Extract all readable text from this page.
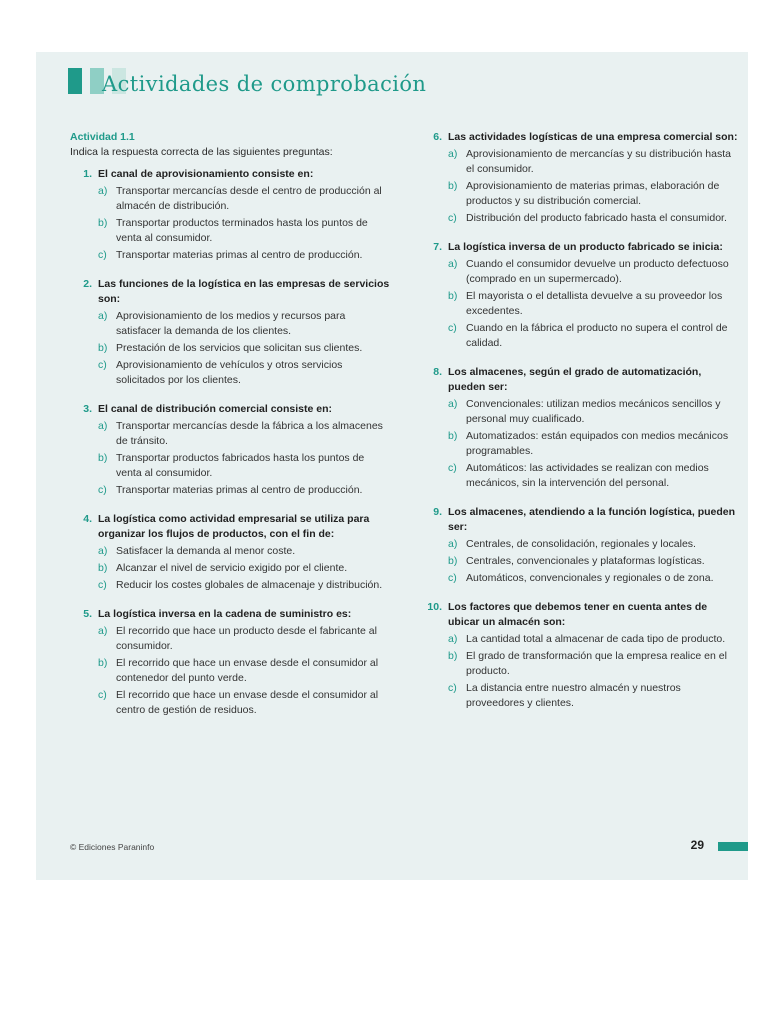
Actividad 1.1
Indica la respuesta correcta de las siguientes preguntas:
1. El canal de aprovisionamiento consiste en:
a) Transportar mercancías desde el centro de producción al almacén de distribución.
b) Transportar productos terminados hasta los puntos de venta al consumidor.
c) Transportar materias primas al centro de producción.
2. Las funciones de la logística en las empresas de servicios son:
a) Aprovisionamiento de los medios y recursos para satisfacer la demanda de los clientes.
b) Prestación de los servicios que solicitan sus clientes.
c) Aprovisionamiento de vehículos y otros servicios solicitados por los clientes.
3. El canal de distribución comercial consiste en:
a) Transportar mercancías desde la fábrica a los almacenes de tránsito.
b) Transportar productos fabricados hasta los puntos de venta al consumidor.
c) Transportar materias primas al centro de producción.
4. La logística como actividad empresarial se utiliza para organizar los flujos de productos, con el fin de:
a) Satisfacer la demanda al menor coste.
b) Alcanzar el nivel de servicio exigido por el cliente.
c) Reducir los costes globales de almacenaje y distribución.
5. La logística inversa en la cadena de suministro es:
a) El recorrido que hace un producto desde el fabricante al consumidor.
b) El recorrido que hace un envase desde el consumidor al contenedor del punto verde.
c) El recorrido que hace un envase desde el consumidor al centro de gestión de residuos.
6. Las actividades logísticas de una empresa comercial son:
a) Aprovisionamiento de mercancías y su distribución hasta el consumidor.
b) Aprovisionamiento de materias primas, elaboración de productos y su distribución comercial.
c) Distribución del producto fabricado hasta el consumidor.
7. La logística inversa de un producto fabricado se inicia:
a) Cuando el consumidor devuelve un producto defectuoso (comprado en un supermercado).
b) El mayorista o el detallista devuelve a su proveedor los excedentes.
c) Cuando en la fábrica el producto no supera el control de calidad.
8. Los almacenes, según el grado de automatización, pueden ser:
a) Convencionales: utilizan medios mecánicos sencillos y personal muy cualificado.
b) Automatizados: están equipados con medios mecánicos programables.
c) Automáticos: las actividades se realizan con medios mecánicos, sin la intervención del personal.
9. Los almacenes, atendiendo a la función logística, pueden ser:
a) Centrales, de consolidación, regionales y locales.
b) Centrales, convencionales y plataformas logísticas.
c) Automáticos, convencionales y regionales o de zona.
10. Los factores que debemos tener en cuenta antes de ubicar un almacén son:
a) La cantidad total a almacenar de cada tipo de producto.
b) El grado de transformación que la empresa realice en el producto.
c) La distancia entre nuestro almacén y nuestros proveedores y clientes.
© Ediciones Paraninfo	29
Actividades de comprobación
